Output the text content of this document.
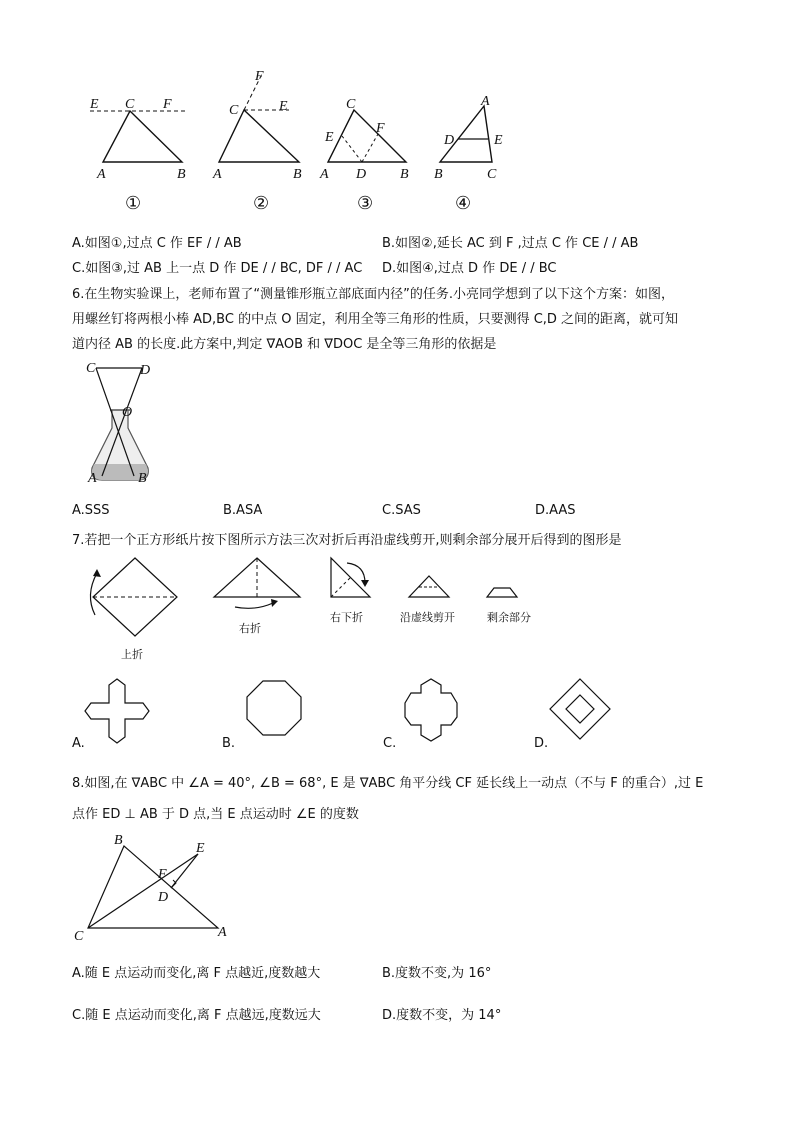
E C F
A	B
①
F
C	E
A	B
②
C
E
F
A D B
③
A
D	E
B	C
④
A.如图①,过点 C 作 EF / / AB	B.如图②,延长 AC 到 F ,过点 C 作 CE / / AB
C.如图③,过 AB 上一点 D 作 DE / / BC, DF / / AC D.如图④,过点 D 作 DE / / BC
6.在生物实验课上，老师布置了“测量锥形瓶立部底面内径”的任务.小亮同学想到了以下这个方案：如图，
用螺丝钉将两根小棒 AD,BC 的中点 O 固定，利用全等三角形的性质，只要测得 C,D 之间的距离，就可知
道内径 AB 的长度.此方案中,判定 ∇AOB 和 ∇DOC 是全等三角形的依据是
C	D
O
A	B
A.SSS	B.ASA	C.SAS	D.AAS
7.若把一个正方形纸片按下图所示方法三次对折后再沿虚线剪开,则剩余部分展开后得到的图形是
上折
右折
右下折	沿虚线剪开	剩余部分
A.	B.	C.	D.
8.如图,在 ∇ABC 中 ∠A = 40°, ∠B = 68°, E 是 ∇ABC 角平分线 CF 延长线上一动点（不与 F 的重合）,过 E
点作 ED ⊥ AB 于 D 点,当 E 点运动时 ∠E 的度数
B
E
F
D
C	A
A.随 E 点运动而变化,离 F 点越近,度数越大	B.度数不变,为 16°
C.随 E 点运动而变化,离 F 点越远,度数远大	D.度数不变，为 14°
